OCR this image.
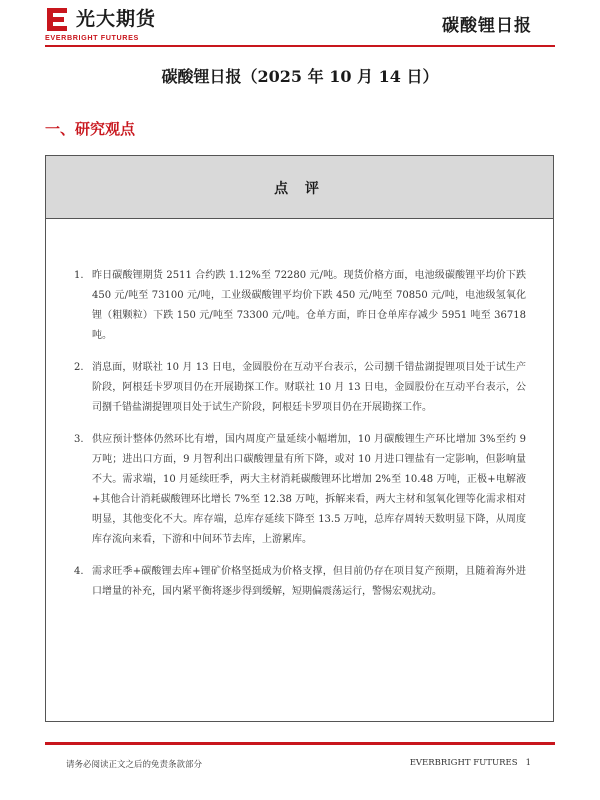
光大期货
EVERBRIGHT FUTURES
碳酸锂日报
碳酸锂日报（2025 年 10 月 14 日）
一、研究观点
点 评
1. 昨日碳酸锂期货 2511 合约跌 1.12%至 72280 元/吨。现货价格方面，电池级碳酸锂平均价下跌 450 元/吨至 73100 元/吨，工业级碳酸锂平均价下跌 450 元/吨至 70850 元/吨，电池级氢氧化锂（粗颗粒）下跌 150 元/吨至 73300 元/吨。仓单方面，昨日仓单库存减少 5951 吨至 36718 吨。
2. 消息面，财联社 10 月 13 日电，金圆股份在互动平台表示，公司捌千错盐湖提锂项目处于试生产阶段，阿根廷卡罗项目仍在开展勘探工作。财联社 10 月 13 日电，金圆股份在互动平台表示，公司捌千错盐湖提锂项目处于试生产阶段，阿根廷卡罗项目仍在开展勘探工作。
3. 供应预计整体仍然环比有增，国内周度产量延续小幅增加，10 月碳酸锂生产环比增加 3%至约 9 万吨；进出口方面，9 月智利出口碳酸锂量有所下降，或对 10 月进口锂盐有一定影响，但影响量不大。需求端，10 月延续旺季，两大主材消耗碳酸锂环比增加 2%至 10.48 万吨，正极+电解液+其他合计消耗碳酸锂环比增长 7%至 12.38 万吨，拆解来看，两大主材和氢氧化锂等化需求相对明显，其他变化不大。库存端，总库存延续下降至 13.5 万吨，总库存周转天数明显下降，从周度库存流向来看，下游和中间环节去库，上游累库。
4. 需求旺季+碳酸锂去库+锂矿价格坚挺成为价格支撑，但目前仍存在项目复产预期，且随着海外进口增量的补充，国内紧平衡将逐步得到缓解，短期偏震荡运行，警惕宏观扰动。
请务必阅读正文之后的免责条款部分	EVERBRIGHT FUTURES 1
